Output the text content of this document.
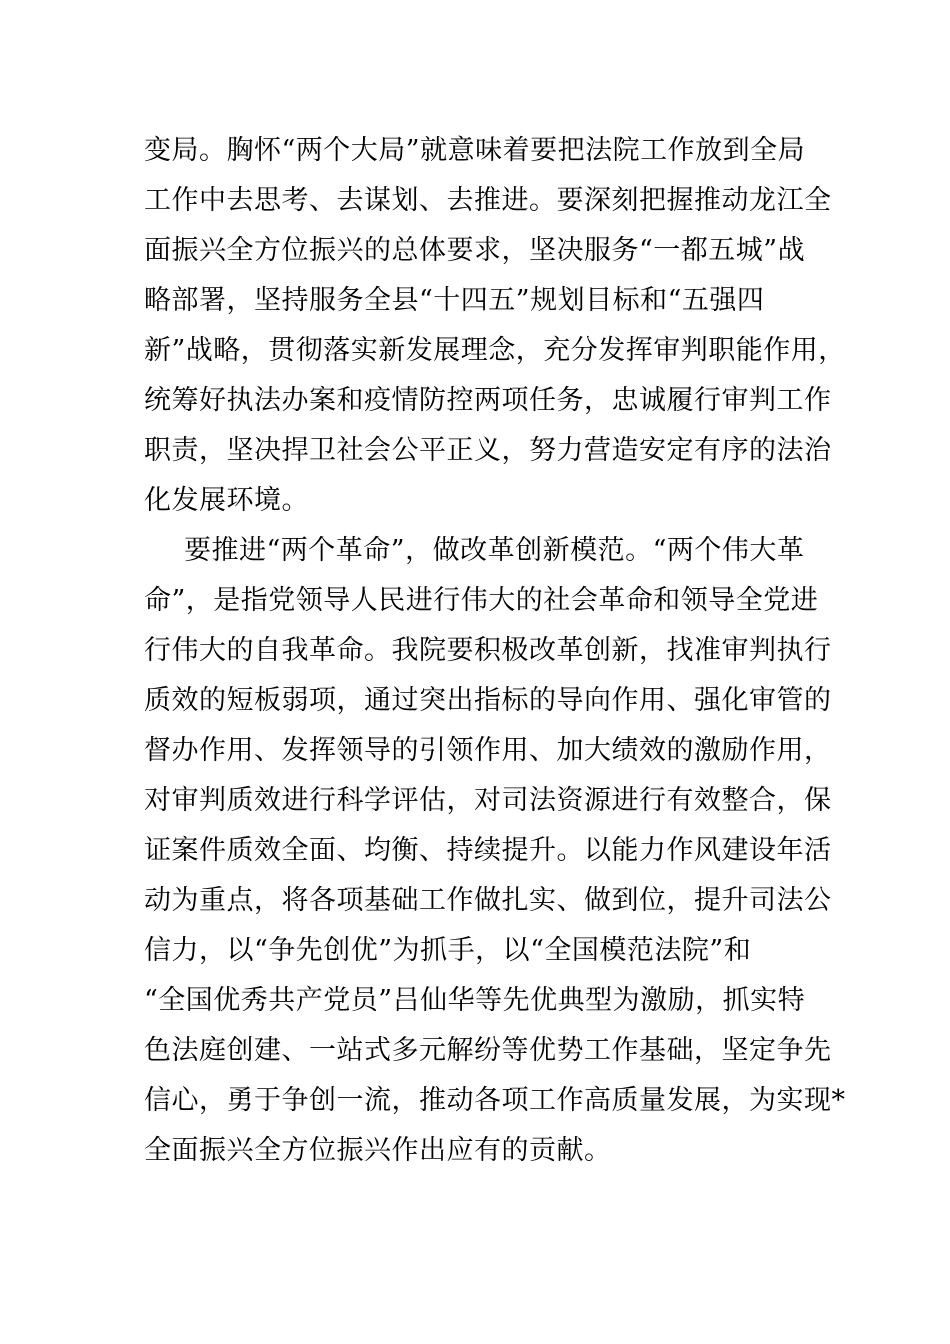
变局。胸怀“两个大局”就意味着要把法院工作放到全局
工作中去思考、去谋划、去推进。要深刻把握推动龙江全
面振兴全方位振兴的总体要求，坚决服务“一都五城”战
略部署，坚持服务全县“十四五”规划目标和“五强四
新”战略，贯彻落实新发展理念，充分发挥审判职能作用，
统筹好执法办案和疫情防控两项任务，忠诚履行审判工作
职责，坚决捍卫社会公平正义，努力营造安定有序的法治
化发展环境。
要推进“两个革命”，做改革创新模范。“两个伟大革
命”，是指党领导人民进行伟大的社会革命和领导全党进
行伟大的自我革命。我院要积极改革创新，找准审判执行
质效的短板弱项，通过突出指标的导向作用、强化审管的
督办作用、发挥领导的引领作用、加大绩效的激励作用，
对审判质效进行科学评估，对司法资源进行有效整合，保
证案件质效全面、均衡、持续提升。以能力作风建设年活
动为重点，将各项基础工作做扎实、做到位，提升司法公
信力，以“争先创优”为抓手，以“全国模范法院”和
“全国优秀共产党员”吕仙华等先优典型为激励，抓实特
色法庭创建、一站式多元解纷等优势工作基础，坚定争先
信心，勇于争创一流，推动各项工作高质量发展，为实现*
全面振兴全方位振兴作出应有的贡献。
